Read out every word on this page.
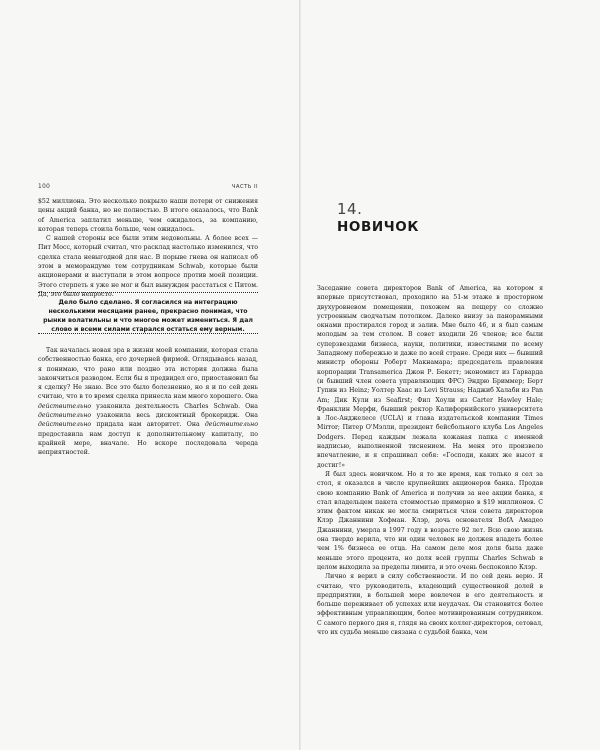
100	ЧАСТЬ II

$52 миллиона. Это несколько покрыло наши потери от снижения цены акций банка, но не полностью. В итоге оказалось, что Bank of America заплатил меньше, чем ожидалось, за компанию, которая теперь стоила больше, чем ожидалось.

С нашей стороны все были этим недовольны. А более всех — Пит Мосс, который считал, что расклад настолько изменился, что сделка стала невыгодной для нас. В порыве гнева он написал об этом в меморандуме тем сотрудникам Schwab, которые были акционерами и выступали в этом вопросе против моей позиции. Этого стерпеть я уже не мог и был вынужден расстаться с Питом. Да, это было непросто.

Дело было сделано. Я согласился на интеграцию несколькими месяцами ранее, прекрасно понимая, что рынки волатильны и что многое может измениться. Я дал слово и всеми силами старался остаться ему верным.

Так началась новая эра в жизни моей компании, которая стала собственностью банка, его дочерней фирмой. Оглядываясь назад, я понимаю, что рано или поздно эта история должна была закончиться разводом. Если бы я предвидел его, приостановил бы я сделку? Не знаю. Все это было болезненно, но я и по сей день считаю, что в то время сделка принесла нам много хорошего. Она действительно узаконила деятельность Charles Schwab. Она действительно узаконила весь дисконтный брокеридж. Она действительно придала нам авторитет. Она действительно предоставила нам доступ к дополнительному капиталу, по крайней мере, вначале. Но вскоре последовала череда неприятностей.

14.
НОВИЧОК

Заседание совета директоров Bank of America, на котором я впервые присутствовал, проходило на 51-м этаже в просторном двухуровневом помещении, похожем на пещеру со сложно устроенным сводчатым потолком. Далеко внизу за панорамными окнами простирался город и залив. Мне было 46, и я был самым молодым за тем столом. В совет входили 26 членов; все были суперзвездами бизнеса, науки, политики, известными по всему Западному побережью и даже по всей стране. Среди них — бывший министр обороны Роберт Макнамара; председатель правления корпорации Transamerica Джон Р. Бекетт; экономист из Гарварда (и бывший член совета управляющих ФРС) Эндрю Бриммер; Берт Гупин из Heinz; Уолтер Хаас из Levi Strauss; Наджиб Халаби из Pan Am; Дик Кули из Seafirst; Фил Хоули из Carter Hawley Hale; Франклин Мерфи, бывший ректор Калифорнийского университета в Лос-Анджелесе (UCLA) и глава издательской компании Times Mirror; Питер О'Мэлли, президент бейсбольного клуба Los Angeles Dodgers. Перед каждым лежала кожаная папка с именной надписью, выполненной тиснением. На меня это произвело впечатление, и я спрашивал себя: «Господи, каких же высот я достиг!»

Я был здесь новичком. Но я то же время, как только я сел за стол, я оказался в числе крупнейших акционеров банка. Продав свою компанию Bank of America и получив за нее акции банка, я стал владельцем пакета стоимостью примерно в $19 миллионов. С этим фактом никак не могла смириться член совета директоров Клэр Джаннини Хофман. Клэр, дочь основателя BofA Амадео Джаннини, умерла в 1997 году в возрасте 92 лет. Всю свою жизнь она твердо верила, что ни один человек не должен владеть более чем 1% бизнеса ее отца. На самом деле моя доля была даже меньше этого процента, но доля всей группы Charles Schwab в целом выходила за пределы лимита, и это очень беспокоило Клэр.

Лично я верил в силу собственности. И по сей день верю. Я считаю, что руководитель, владеющий существенной долей в предприятии, в большей мере вовлечен в его деятельность и больше переживает об успехах или неудачах. Он становится более эффективным управляющим, более мотивированным сотрудником. С самого первого дня я, глядя на своих коллег-директоров, сетовал, что их судьба меньше связана с судьбой банка, чем
